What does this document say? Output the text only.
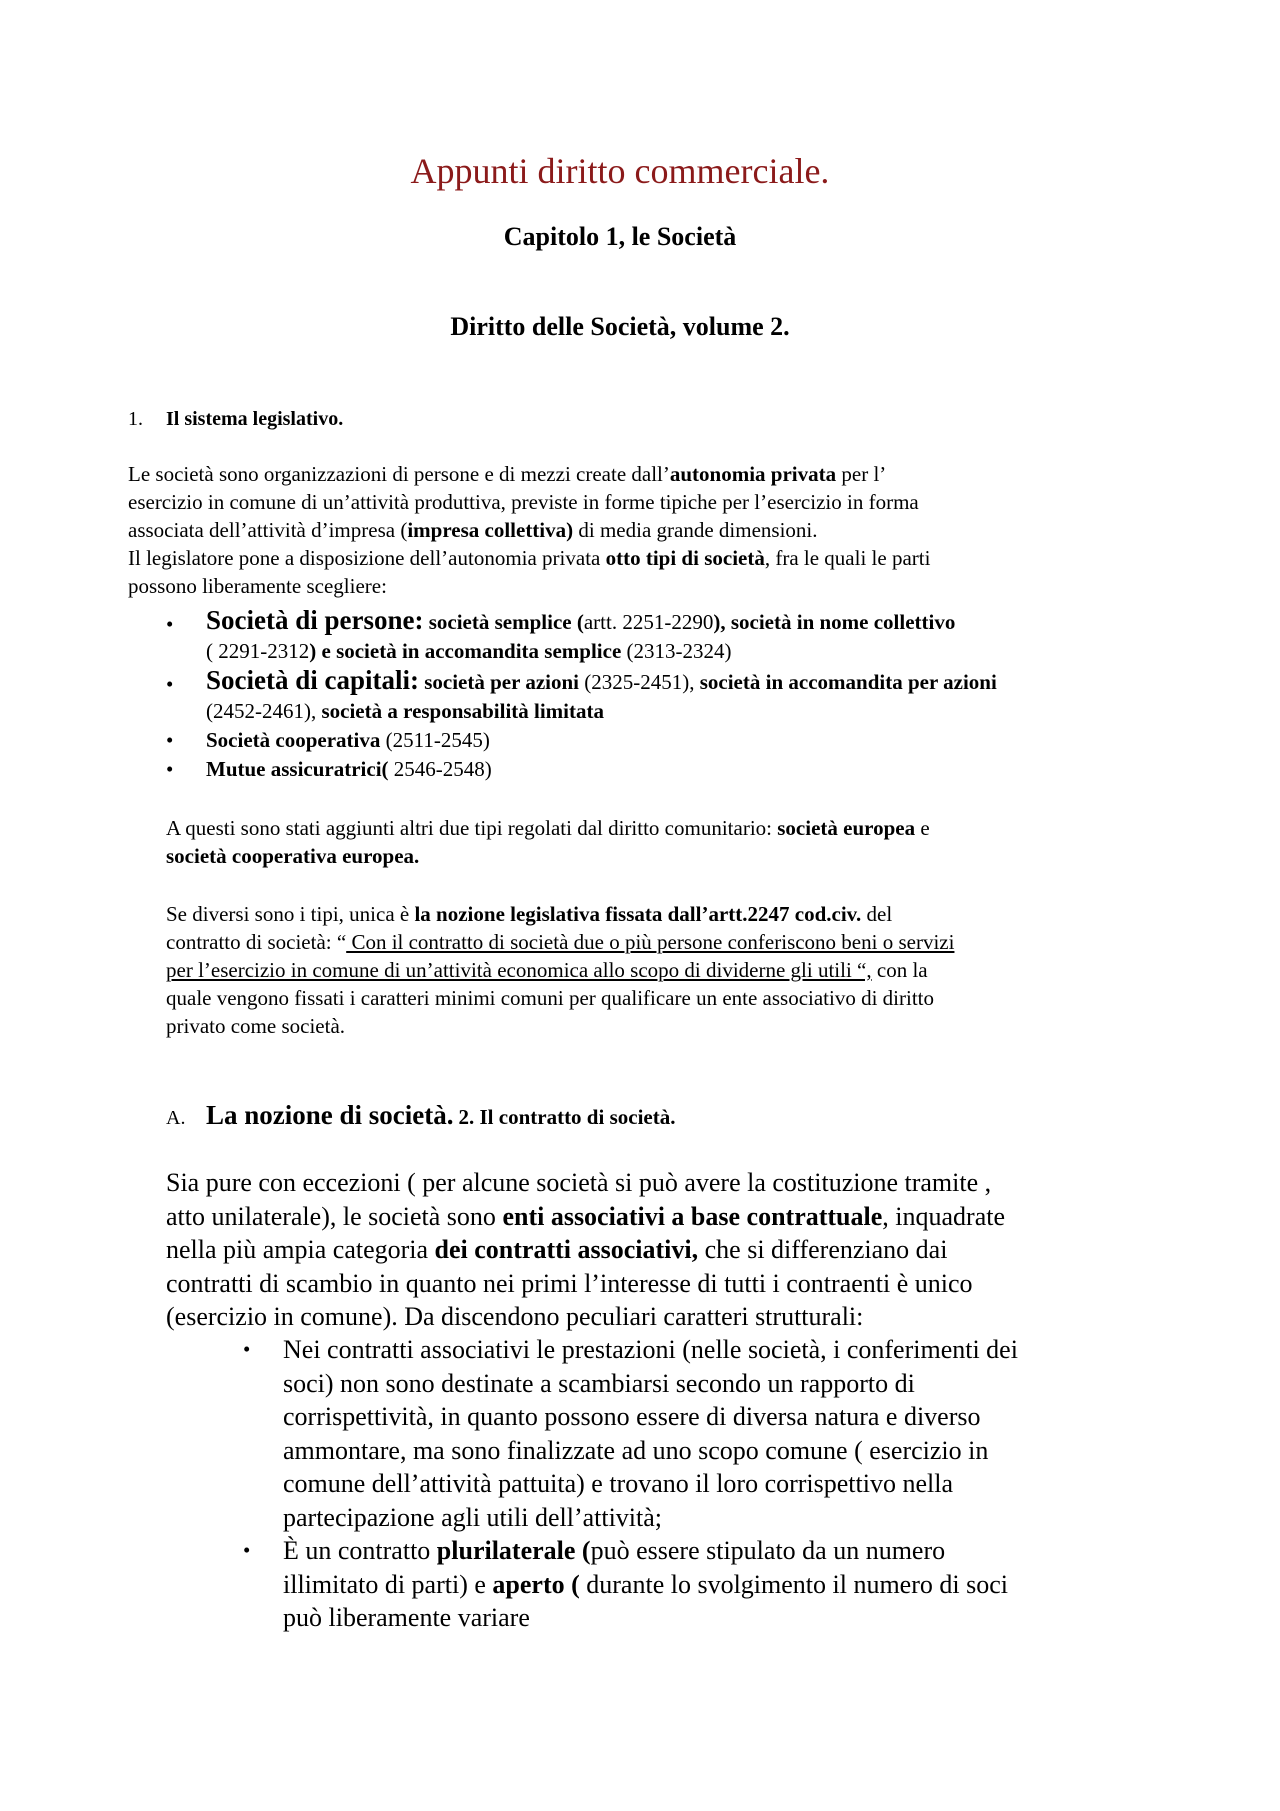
Appunti diritto commerciale.
Capitolo 1, le Società
Diritto delle Società, volume 2.
1. Il sistema legislativo.
Le società sono organizzazioni di persone e di mezzi create dall’autonomia privata per l’
esercizio in comune di un’attività produttiva, previste in forme tipiche per l’esercizio in forma
associata dell’attività d’impresa (impresa collettiva) di media grande dimensioni.
Il legislatore pone a disposizione dell’autonomia privata otto tipi di società, fra le quali le parti
possono liberamente scegliere:
• Società di persone: società semplice (artt. 2251-2290), società in nome collettivo
( 2291-2312) e società in accomandita semplice (2313-2324)
• Società di capitali: società per azioni (2325-2451), società in accomandita per azioni
(2452-2461), società a responsabilità limitata
• Società cooperativa (2511-2545)
• Mutue assicuratrici( 2546-2548)
A questi sono stati aggiunti altri due tipi regolati dal diritto comunitario: società europea e
società cooperativa europea.
Se diversi sono i tipi, unica è la nozione legislativa fissata dall’artt.2247 cod.civ. del
contratto di società: “ Con il contratto di società due o più persone conferiscono beni o servizi
per l’esercizio in comune di un’attività economica allo scopo di dividerne gli utili “, con la
quale vengono fissati i caratteri minimi comuni per qualificare un ente associativo di diritto
privato come società.
A. La nozione di società. 2. Il contratto di società.
Sia pure con eccezioni ( per alcune società si può avere la costituzione tramite ,
atto unilaterale), le società sono enti associativi a base contrattuale, inquadrate
nella più ampia categoria dei contratti associativi, che si differenziano dai
contratti di scambio in quanto nei primi l’interesse di tutti i contraenti è unico
(esercizio in comune). Da discendono peculiari caratteri strutturali:
• Nei contratti associativi le prestazioni (nelle società, i conferimenti dei
soci) non sono destinate a scambiarsi secondo un rapporto di
corrispettività, in quanto possono essere di diversa natura e diverso
ammontare, ma sono finalizzate ad uno scopo comune ( esercizio in
comune dell’attività pattuita) e trovano il loro corrispettivo nella
partecipazione agli utili dell’attività;
• È un contratto plurilaterale (può essere stipulato da un numero
illimitato di parti) e aperto ( durante lo svolgimento il numero di soci
può liberamente variare
